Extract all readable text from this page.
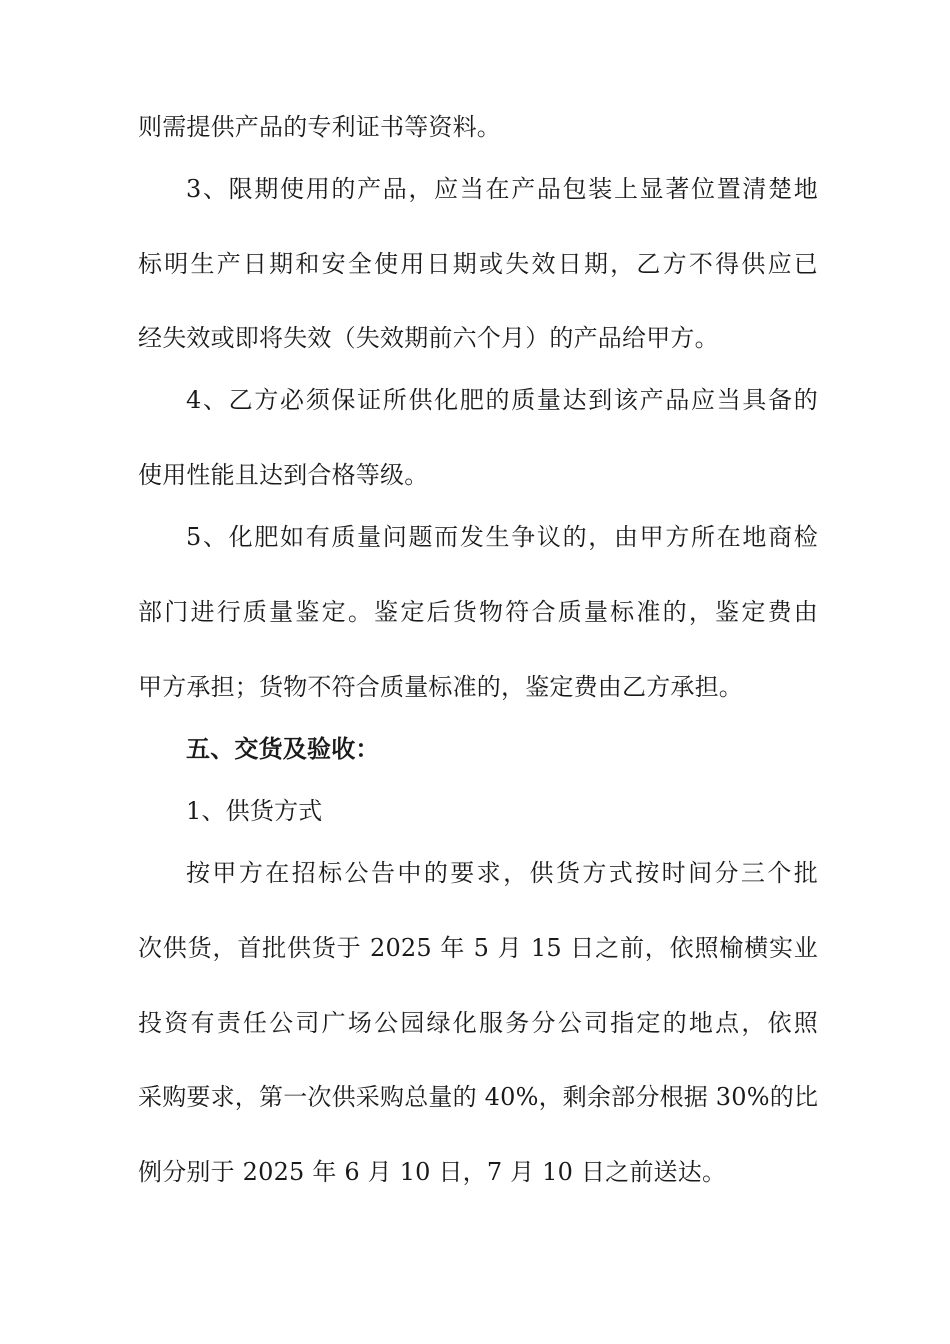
则需提供产品的专利证书等资料。
3、限期使用的产品，应当在产品包装上显著位置清楚地
标明生产日期和安全使用日期或失效日期，乙方不得供应已
经失效或即将失效（失效期前六个月）的产品给甲方。
4、乙方必须保证所供化肥的质量达到该产品应当具备的
使用性能且达到合格等级。
5、化肥如有质量问题而发生争议的，由甲方所在地商检
部门进行质量鉴定。鉴定后货物符合质量标准的，鉴定费由
甲方承担；货物不符合质量标准的，鉴定费由乙方承担。
五、交货及验收：
1、供货方式
按甲方在招标公告中的要求，供货方式按时间分三个批
次供货，首批供货于 2025 年 5 月 15 日之前，依照榆横实业
投资有责任公司广场公园绿化服务分公司指定的地点，依照
采购要求，第一次供采购总量的 40%，剩余部分根据 30%的比
例分别于 2025 年 6 月 10 日，7 月 10 日之前送达。
